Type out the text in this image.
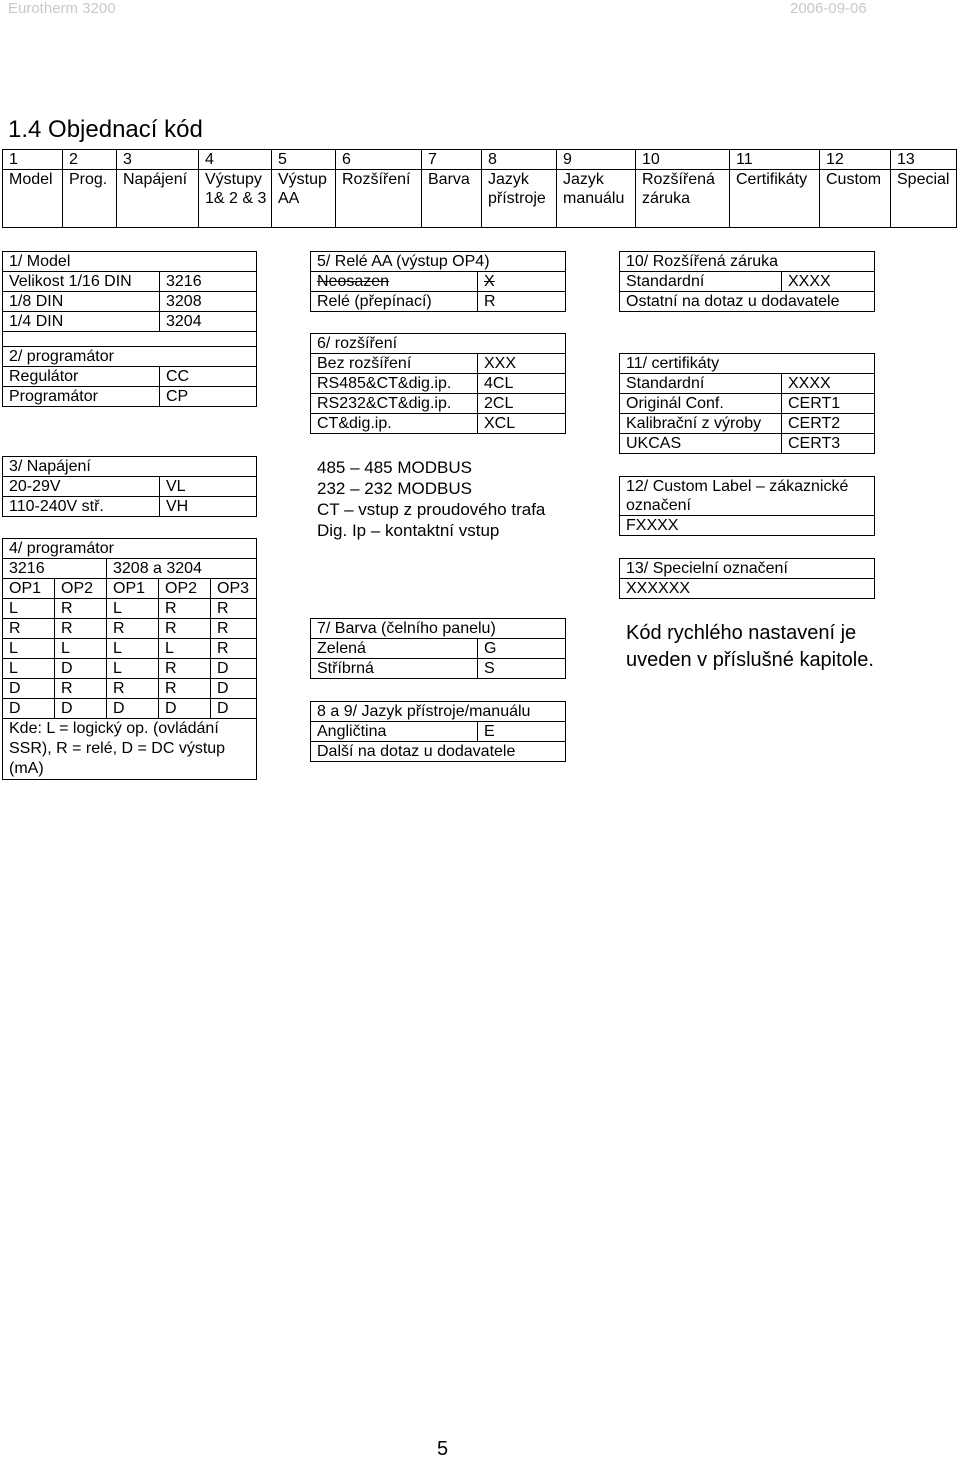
Eurotherm 3200	2006-09-06
1.4 Objednací kód
1	2	3	4	5	6	7	8	9	10	11	12	13
Model	Prog.	Napájení	Výstupy 1& 2 & 3	Výstup AA	Rozšíření	Barva	Jazyk přístroje	Jazyk manuálu	Rozšířená záruka	Certifikáty	Custom	Special
1/ Model	
Velikost 1/16 DIN	3216
1/8 DIN	3208
1/4 DIN	3204

2/ programátor	
Regulátor	CC
Programátor	CP
3/ Napájení	
20-29V	VL
110-240V stř.	VH
4/ programátor				
3216		3208 a 3204		
OP1	OP2	OP1	OP2	OP3
L	R	L	R	R
R	R	R	R	R
L	L	L	L	R
L	D	L	R	D
D	R	R	R	D
D	D	D	D	D
Kde: L = logický op. (ovládání SSR), R = relé, D = DC výstup (mA)				
5/ Relé AA (výstup OP4)	
Neosazen	X
Relé (přepínací)	R
6/ rozšíření	
Bez rozšíření	XXX
RS485&CT&dig.ip.	4CL
RS232&CT&dig.ip.	2CL
CT&dig.ip.	XCL
485 – 485 MODBUS
232 – 232 MODBUS
CT – vstup z proudového trafa
Dig. Ip – kontaktní vstup
7/ Barva (čelního panelu)	
Zelená	G
Stříbrná	S
8 a 9/ Jazyk přístroje/manuálu
Angličtina	E
Další na dotaz u dodavatele
10/ Rozšířená záruka
Standardní	XXXX
Ostatní na dotaz u dodavatele
11/ certifikáty	
Standardní	XXXX
Originál Conf.	CERT1
Kalibrační z výroby	CERT2
UKCAS	CERT3
12/ Custom Label – zákaznické označení
FXXXX
13/ Specielní označení
XXXXXX
Kód rychlého nastavení je uveden v příslušné kapitole.
5
